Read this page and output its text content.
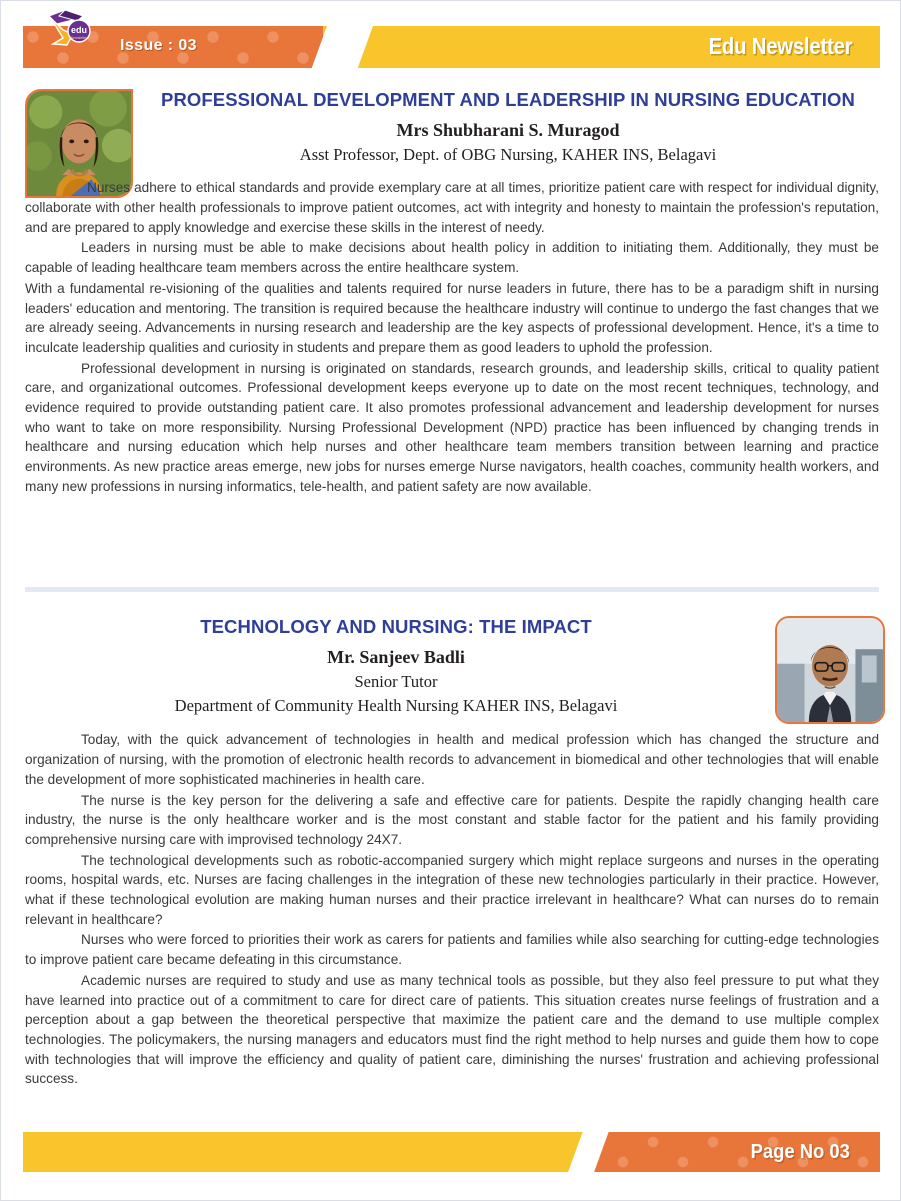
Issue : 03	Edu Newsletter
edu
Newsletter
PROFESSIONAL DEVELOPMENT AND LEADERSHIP IN NURSING EDUCATION
Mrs Shubharani S. Muragod
Asst Professor, Dept. of OBG Nursing, KAHER INS, Belagavi

Nurses adhere to ethical standards and provide exemplary care at all times, prioritize patient care with respect for individual dignity, collaborate with other health professionals to improve patient outcomes, act with integrity and honesty to maintain the profession's reputation, and are prepared to apply knowledge and exercise these skills in the interest of needy.

Leaders in nursing must be able to make decisions about health policy in addition to initiating them. Additionally, they must be capable of leading healthcare team members across the entire healthcare system.

With a fundamental re-visioning of the qualities and talents required for nurse leaders in future, there has to be a paradigm shift in nursing leaders' education and mentoring. The transition is required because the healthcare industry will continue to undergo the fast changes that we are already seeing. Advancements in nursing research and leadership are the key aspects of professional development. Hence, it's a time to inculcate leadership qualities and curiosity in students and prepare them as good leaders to uphold the profession.

Professional development in nursing is originated on standards, research grounds, and leadership skills, critical to quality patient care, and organizational outcomes. Professional development keeps everyone up to date on the most recent techniques, technology, and evidence required to provide outstanding patient care. It also promotes professional advancement and leadership development for nurses who want to take on more responsibility. Nursing Professional Development (NPD) practice has been influenced by changing trends in healthcare and nursing education which help nurses and other healthcare team members transition between learning and practice environments. As new practice areas emerge, new jobs for nurses emerge Nurse navigators, health coaches, community health workers, and many new professions in nursing informatics, tele-health, and patient safety are now available.

TECHNOLOGY AND NURSING: THE IMPACT
Mr. Sanjeev Badli
Senior Tutor
Department of Community Health Nursing KAHER INS, Belagavi

Today, with the quick advancement of technologies in health and medical profession which has changed the structure and organization of nursing, with the promotion of electronic health records to advancement in biomedical and other technologies that will enable the development of more sophisticated machineries in health care.

The nurse is the key person for the delivering a safe and effective care for patients. Despite the rapidly changing health care industry, the nurse is the only healthcare worker and is the most constant and stable factor for the patient and his family providing comprehensive nursing care with improvised technology 24X7.

The technological developments such as robotic-accompanied surgery which might replace surgeons and nurses in the operating rooms, hospital wards, etc. Nurses are facing challenges in the integration of these new technologies particularly in their practice. However, what if these technological evolution are making human nurses and their practice irrelevant in healthcare? What can nurses do to remain relevant in healthcare?

Nurses who were forced to priorities their work as carers for patients and families while also searching for cutting-edge technologies to improve patient care became defeating in this circumstance.

Academic nurses are required to study and use as many technical tools as possible, but they also feel pressure to put what they have learned into practice out of a commitment to care for direct care of patients. This situation creates nurse feelings of frustration and a perception about a gap between the theoretical perspective that maximize the patient care and the demand to use multiple complex technologies. The policymakers, the nursing managers and educators must find the right method to help nurses and guide them how to cope with technologies that will improve the efficiency and quality of patient care, diminishing the nurses' frustration and achieving professional success.

Page No 03
